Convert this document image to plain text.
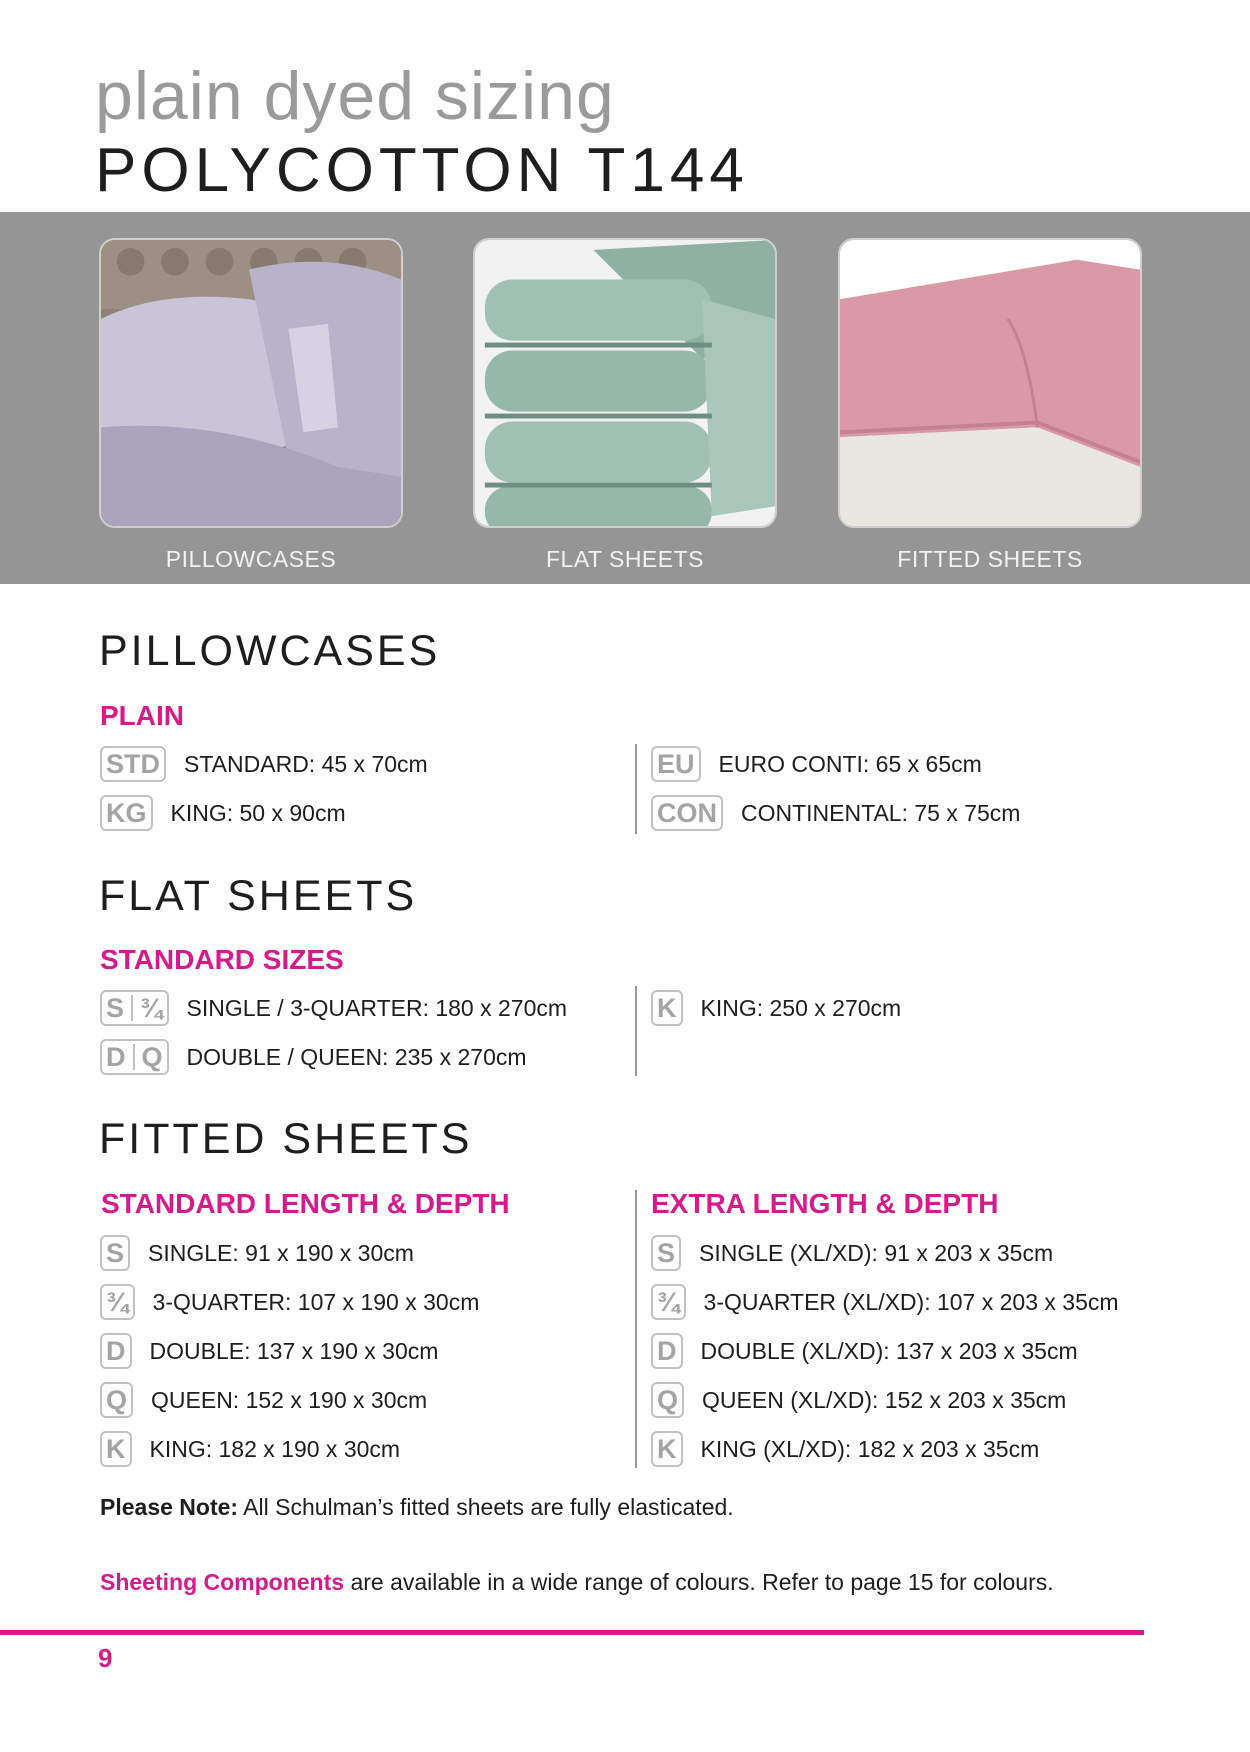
plain dyed sizing
POLYCOTTON T144
PILLOWCASES	FLAT SHEETS	FITTED SHEETS
PILLOWCASES
PLAIN
STD STANDARD: 45 x 70cm
KG KING: 50 x 90cm
EU EURO CONTI: 65 x 65cm
CON CONTINENTAL: 75 x 75cm
FLAT SHEETS
STANDARD SIZES
S ¾ SINGLE / 3-QUARTER: 180 x 270cm
D Q DOUBLE / QUEEN: 235 x 270cm
K KING: 250 x 270cm
FITTED SHEETS
STANDARD LENGTH & DEPTH	EXTRA LENGTH & DEPTH
S SINGLE: 91 x 190 x 30cm
¾ 3-QUARTER: 107 x 190 x 30cm
D DOUBLE: 137 x 190 x 30cm
Q QUEEN: 152 x 190 x 30cm
K KING: 182 x 190 x 30cm
S SINGLE (XL/XD): 91 x 203 x 35cm
¾ 3-QUARTER (XL/XD): 107 x 203 x 35cm
D DOUBLE (XL/XD): 137 x 203 x 35cm
Q QUEEN (XL/XD): 152 x 203 x 35cm
K KING (XL/XD): 182 x 203 x 35cm
Please Note: All Schulman’s fitted sheets are fully elasticated.
Sheeting Components are available in a wide range of colours. Refer to page 15 for colours.
9
